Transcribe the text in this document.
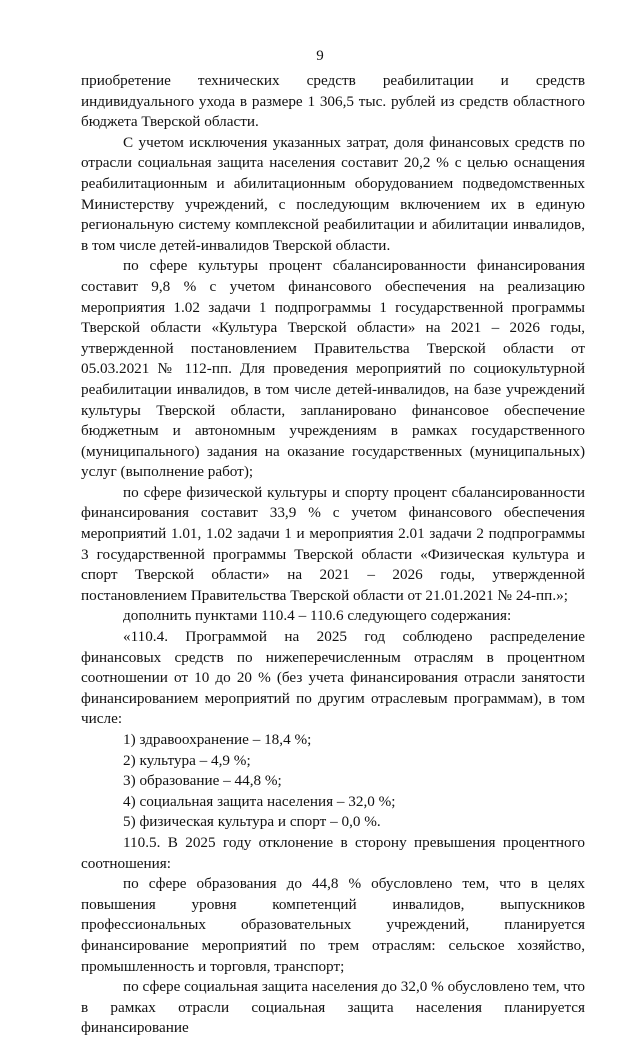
9

приобретение технических средств реабилитации и средств индивидуального ухода в размере 1 306,5 тыс. рублей из средств областного бюджета Тверской области.

С учетом исключения указанных затрат, доля финансовых средств по отрасли социальная защита населения составит 20,2 % с целью оснащения реабилитационным и абилитационным оборудованием подведомственных Министерству учреждений, с последующим включением их в единую региональную систему комплексной реабилитации и абилитации инвалидов, в том числе детей-инвалидов Тверской области.

по сфере культуры процент сбалансированности финансирования составит 9,8 % с учетом финансового обеспечения на реализацию мероприятия 1.02 задачи 1 подпрограммы 1 государственной программы Тверской области «Культура Тверской области» на 2021 – 2026 годы, утвержденной постановлением Правительства Тверской области от 05.03.2021 № 112-пп. Для проведения мероприятий по социокультурной реабилитации инвалидов, в том числе детей-инвалидов, на базе учреждений культуры Тверской области, запланировано финансовое обеспечение бюджетным и автономным учреждениям в рамках государственного (муниципального) задания на оказание государственных (муниципальных) услуг (выполнение работ);

по сфере физической культуры и спорту процент сбалансированности финансирования составит 33,9 % с учетом финансового обеспечения мероприятий 1.01, 1.02 задачи 1 и мероприятия 2.01 задачи 2 подпрограммы 3 государственной программы Тверской области «Физическая культура и спорт Тверской области» на 2021 – 2026 годы, утвержденной постановлением Правительства Тверской области от 21.01.2021 № 24-пп.»;

дополнить пунктами 110.4 – 110.6 следующего содержания:

«110.4. Программой на 2025 год соблюдено распределение финансовых средств по нижеперечисленным отраслям в процентном соотношении от 10 до 20 % (без учета финансирования отрасли занятости финансированием мероприятий по другим отраслевым программам), в том числе:

1) здравоохранение – 18,4 %;

2) культура – 4,9 %;

3) образование – 44,8 %;

4) социальная защита населения – 32,0 %;

5) физическая культура и спорт – 0,0 %.

110.5. В 2025 году отклонение в сторону превышения процентного соотношения:

по сфере образования до 44,8 % обусловлено тем, что в целях повышения уровня компетенций инвалидов, выпускников профессиональных образовательных учреждений, планируется финансирование мероприятий по трем отраслям: сельское хозяйство, промышленность и торговля, транспорт;

по сфере социальная защита населения до 32,0 % обусловлено тем, что в рамках отрасли социальная защита населения планируется финансирование
